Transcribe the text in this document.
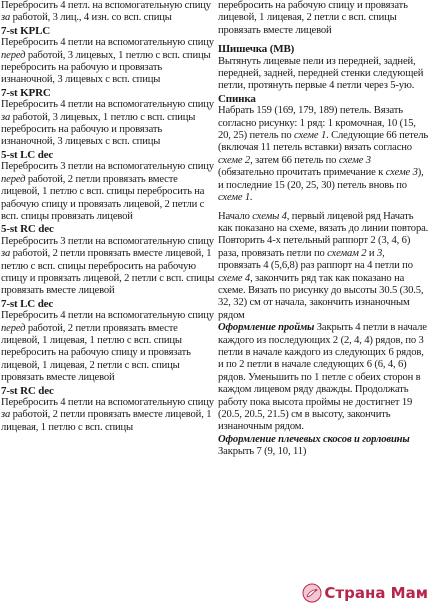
Перебросить 4 петл. на вспомогательную спицу за работой, 3 лиц., 4 изн. со всп. спицы

7-st KPLC

Перебросить 4 петли на вспомогательную спицу перед работой, 3 лицевых, 1 петлю с всп. спицы перебросить на рабочую и провязать изнаночной, 3 лицевых с всп. спицы

7-st KPRC

Перебросить 4 петли на вспомогательную спицу за работой, 3 лицевых, 1 петлю с всп. спицы перебросить на рабочую и провязать изнаночной, 3 лицевых с всп. спицы

5-st LC dec

Перебросить 3 петли на вспомогательную спицу перед работой, 2 петли провязать вместе лицевой, 1 петлю с всп. спицы перебросить на рабочую спицу и провязать лицевой, 2 петли с всп. спицы провязать лицевой

5-st RC dec

Перебросить 3 петли на вспомогательную спицу за работой, 2 петли провязать вместе лицевой, 1 петлю с всп. спицы перебросить на рабочую спицу и провязать лицевой, 2 петли с всп. спицы провязать вместе лицевой

7-st LC dec

Перебросить 4 петли на вспомогательную спицу перед работой, 2 петли провязать вместе лицевой, 1 лицевая, 1 петлю с всп. спицы перебросить на рабочую спицу и провязать лицевой, 1 лицевая, 2 петли с всп. спицы провязать вместе лицевой

7-st RC dec

Перебросить 4 петли на вспомогательную спицу за работой, 2 петли провязать вместе лицевой, 1 лицевая, 1 петлю с всп. спицы

перебросить на рабочую спицу и провязать лицевой, 1 лицевая, 2 петли с всп. спицы провязать вместе лицевой

Шишечка (MB)

Вытянуть лицевые пели из передней, задней, передней, задней, передней стенки следующей петли, протянуть первые 4 петли через 5-ую.

Спинка

Набрать 159 (169, 179, 189) петель. Вязать согласно рисунку: 1 ряд: 1 кромочная, 10 (15, 20, 25) петель по схеме 1. Следующие 66 петель (включая 11 петель вставки) вязать согласно схеме 2, затем 66 петель по схеме 3 (обязательно прочитать примечание к схеме 3), и последние 15 (20, 25, 30) петель вновь по схеме 1.

Начало схемы 4, первый лицевой ряд Начать как показано на схеме, вязать до линии повтора. Повторить 4-х петельный раппорт 2 (3, 4, 6) раза, провязать петли по схемам 2 и 3, провязать 4 (5,6,8) раз раппорт на 4 петли по схеме 4, закончить ряд так как показано на схеме. Вязать по рисунку до высоты 30.5 (30.5, 32, 32) см от начала, закончить изнаночным рядом

Оформление проймы Закрыть 4 петли в начале каждого из последующих 2 (2, 4, 4) рядов, по 3 петли в начале каждого из следующих 6 рядов, и по 2 петли в начале следующих 6 (6, 4, 6) рядов. Уменьшить по 1 петле с обеих сторон в каждом лицевом ряду дважды. Продолжать работу пока высота проймы не достигнет 19 (20.5, 20.5, 21.5) см в высоту, закончить изнаночным рядом.

Оформление плечевых скосов и горловины Закрыть 7 (9, 10, 11)

Страна Мам
